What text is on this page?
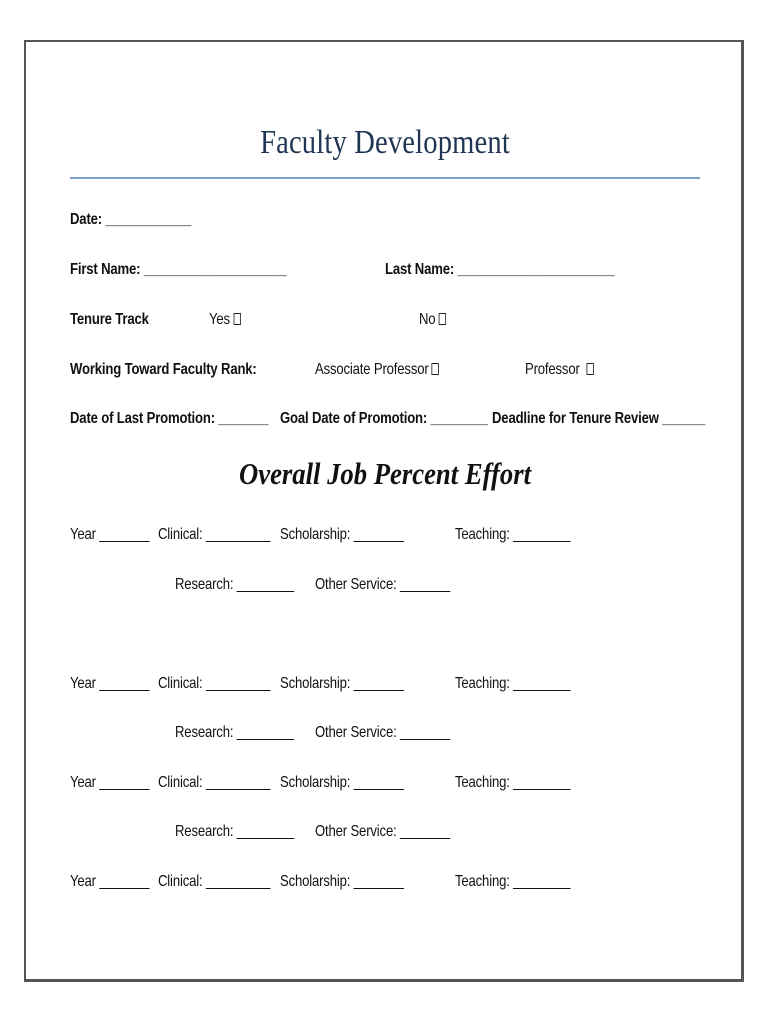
Faculty Development
Date: ____________
First Name: ____________________	Last Name: ______________________
Tenure Track	Yes	No
Working Toward Faculty Rank:	Associate Professor	Professor
Date of Last Promotion: _______ Goal Date of Promotion: ________ Deadline for Tenure Review ______
Overall Job Percent Effort
Year _______ Clinical: _________ Scholarship: _______	Teaching: ________
Research: ________ Other Service: _______
Year _______ Clinical: _________ Scholarship: _______	Teaching: ________
Research: ________ Other Service: _______
Year _______ Clinical: _________ Scholarship: _______	Teaching: ________
Research: ________ Other Service: _______
Year _______ Clinical: _________ Scholarship: _______	Teaching: ________
